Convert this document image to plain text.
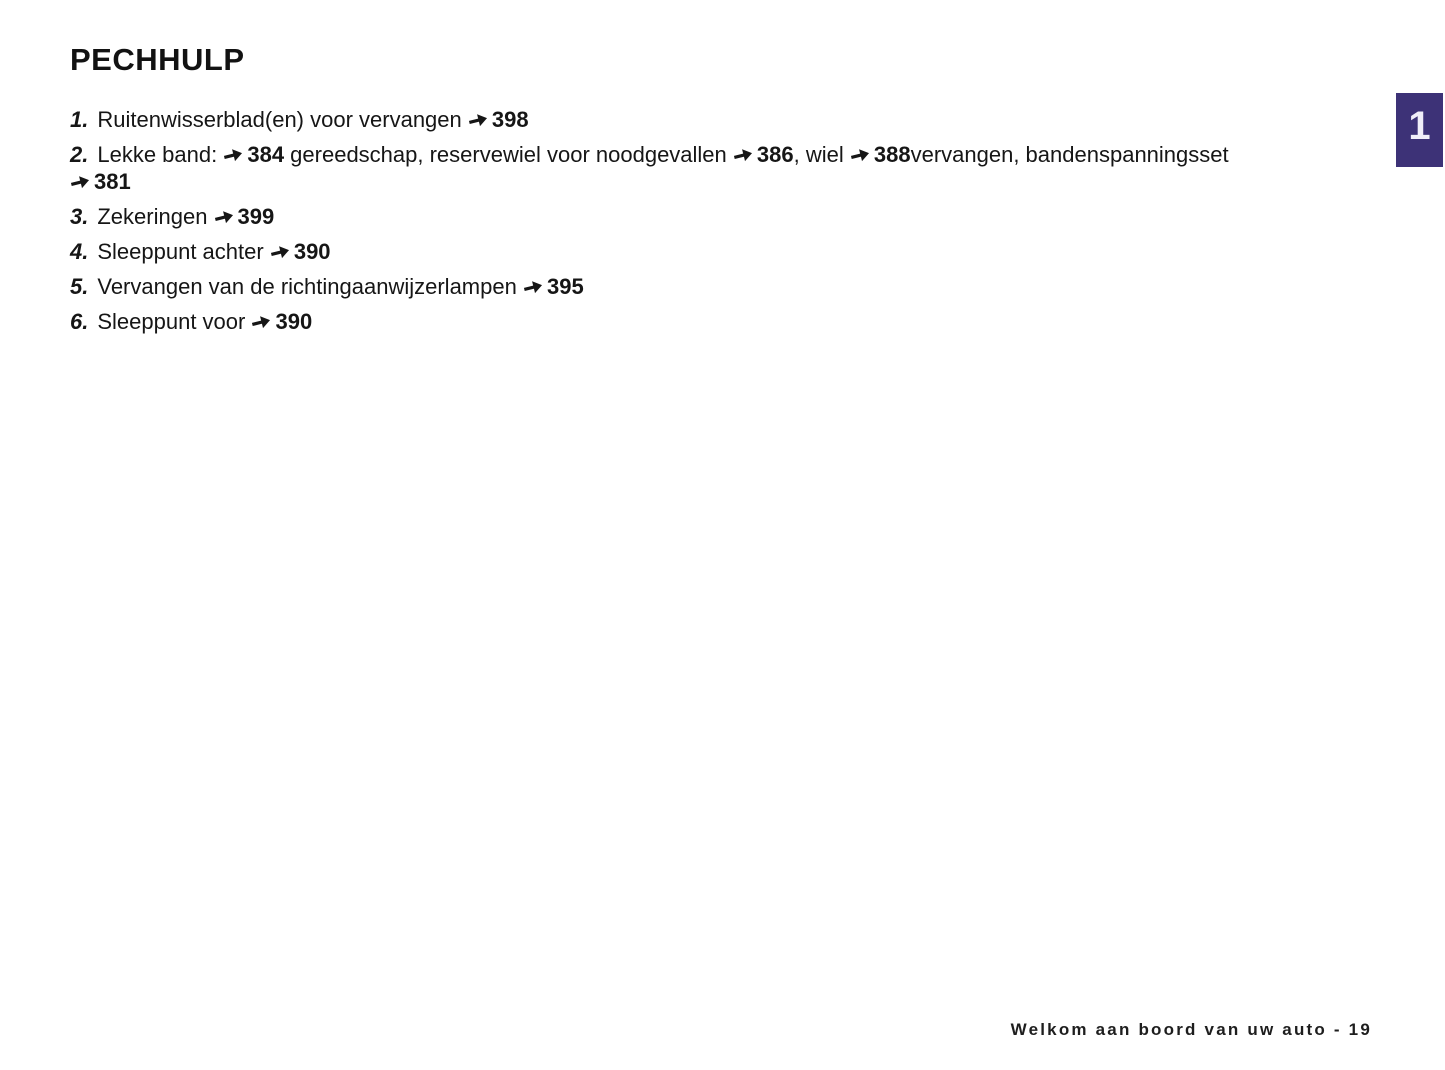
PECHHULP

1. Ruitenwisserblad(en) voor vervangen 398

2. Lekke band: 384 gereedschap, reservewiel voor noodgevallen 386, wiel 388vervangen, bandenspanningsset
381

3. Zekeringen 399

4. Sleeppunt achter 390

5. Vervangen van de richtingaanwijzerlampen 395

6. Sleeppunt voor 390

1
Welkom aan boord van uw auto - 19
